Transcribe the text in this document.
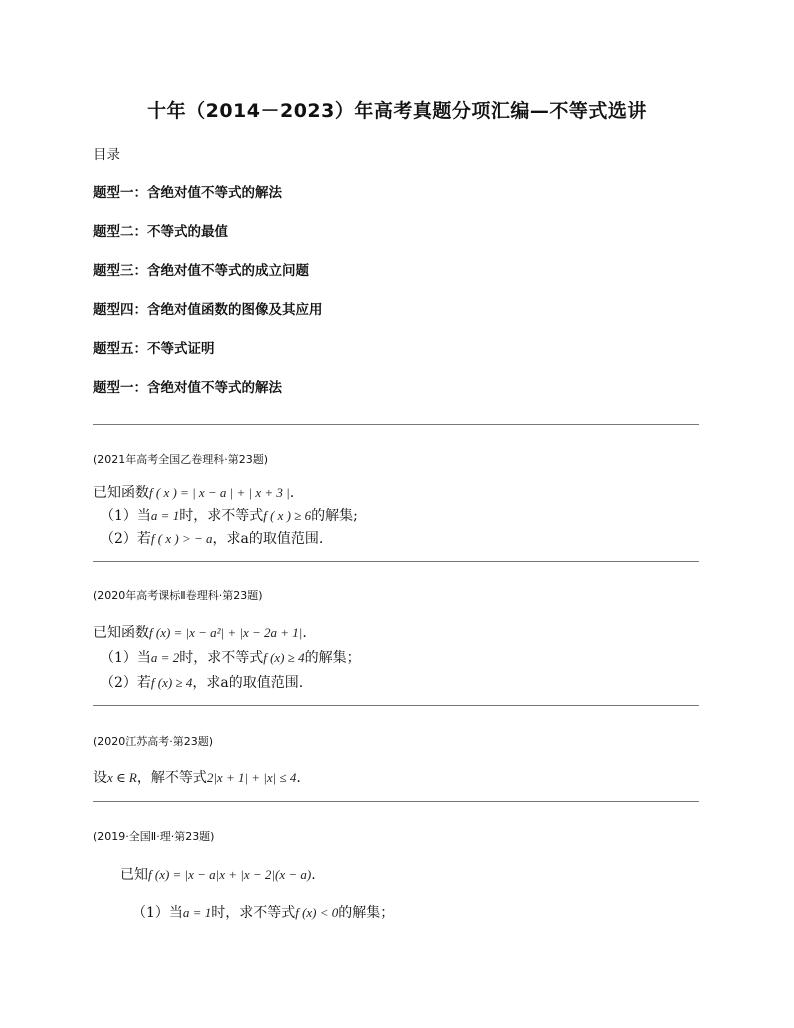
十年（2014－2023）年高考真题分项汇编—不等式选讲
目录
题型一：含绝对值不等式的解法
题型二：不等式的最值
题型三：含绝对值不等式的成立问题
题型四：含绝对值函数的图像及其应用
题型五：不等式证明
题型一：含绝对值不等式的解法
(2021年高考全国乙卷理科·第23题)
已知函数f ( x ) = | x − a | + | x + 3 |.
（1）当a = 1时，求不等式f ( x ) ≥ 6的解集;
（2）若f ( x ) > − a，求a的取值范围.
(2020年高考课标Ⅱ卷理科·第23题)
已知函数f (x) = |x − a²| + |x − 2a + 1|.
（1）当a = 2时，求不等式f (x) ≥ 4的解集；
（2）若f (x) ≥ 4，求a的取值范围.
(2020江苏高考·第23题)
设x ∈ R，解不等式2|x + 1| + |x| ≤ 4.
(2019·全国Ⅱ·理·第23题)
已知f (x) = |x − a|x + |x − 2|(x − a).
（1）当a = 1时，求不等式f (x) < 0的解集；
